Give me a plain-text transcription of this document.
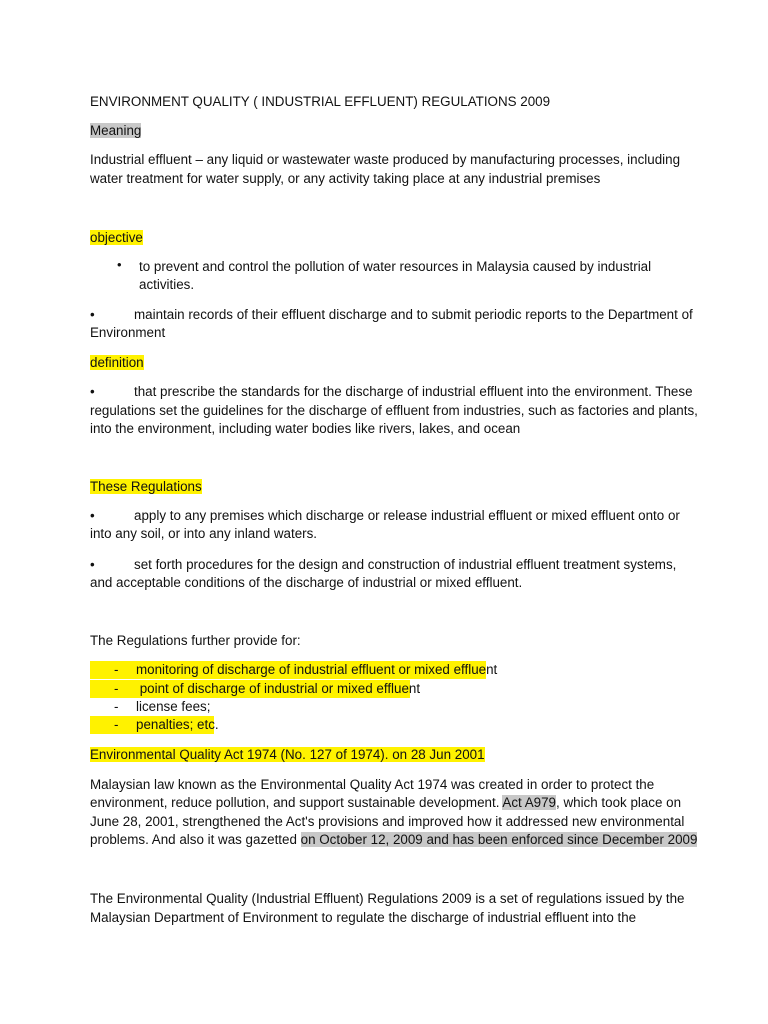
ENVIRONMENT QUALITY ( INDUSTRIAL EFFLUENT) REGULATIONS 2009
Meaning
Industrial effluent – any liquid or wastewater waste produced by manufacturing processes, including
water treatment for water supply, or any activity taking place at any industrial premises
objective
• to prevent and control the pollution of water resources in Malaysia caused by industrial
activities.
•	maintain records of their effluent discharge and to submit periodic reports to the Department of
Environment
definition
•	that prescribe the standards for the discharge of industrial effluent into the environment. These
regulations set the guidelines for the discharge of effluent from industries, such as factories and plants,
into the environment, including water bodies like rivers, lakes, and ocean
These Regulations
•	apply to any premises which discharge or release industrial effluent or mixed effluent onto or
into any soil, or into any inland waters.
•	set forth procedures for the design and construction of industrial effluent treatment systems,
and acceptable conditions of the discharge of industrial or mixed effluent.
The Regulations further provide for:
- monitoring of discharge of industrial effluent or mixed effluent
- point of discharge of industrial or mixed effluent
- license fees;
- penalties; etc.
Environmental Quality Act 1974 (No. 127 of 1974). on 28 Jun 2001
Malaysian law known as the Environmental Quality Act 1974 was created in order to protect the
environment, reduce pollution, and support sustainable development. Act A979, which took place on
June 28, 2001, strengthened the Act's provisions and improved how it addressed new environmental
problems. And also it was gazetted on October 12, 2009 and has been enforced since December 2009
The Environmental Quality (Industrial Effluent) Regulations 2009 is a set of regulations issued by the
Malaysian Department of Environment to regulate the discharge of industrial effluent into the
